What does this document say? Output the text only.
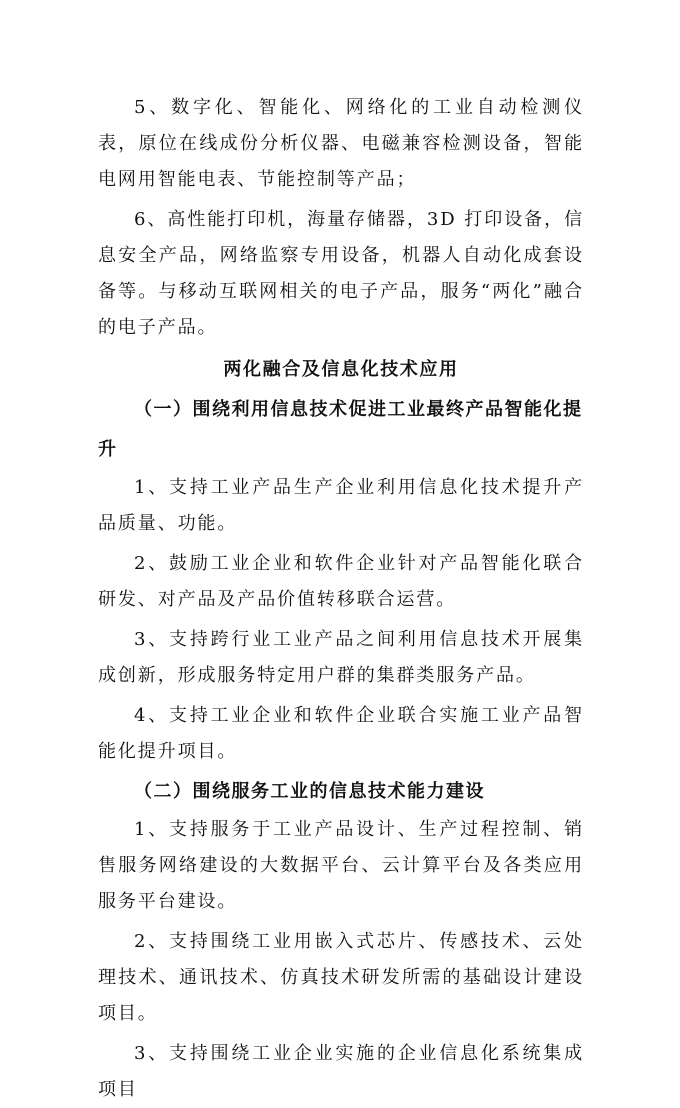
5、数字化、智能化、网络化的工业自动检测仪表，原位在线成份分析仪器、电磁兼容检测设备，智能电网用智能电表、节能控制等产品；

6、高性能打印机，海量存储器，3D 打印设备，信息安全产品，网络监察专用设备，机器人自动化成套设备等。与移动互联网相关的电子产品，服务“两化”融合的电子产品。

两化融合及信息化技术应用

（一）围绕利用信息技术促进工业最终产品智能化提升

1、支持工业产品生产企业利用信息化技术提升产品质量、功能。

2、鼓励工业企业和软件企业针对产品智能化联合研发、对产品及产品价值转移联合运营。

3、支持跨行业工业产品之间利用信息技术开展集成创新，形成服务特定用户群的集群类服务产品。

4、支持工业企业和软件企业联合实施工业产品智能化提升项目。

（二）围绕服务工业的信息技术能力建设

1、支持服务于工业产品设计、生产过程控制、销售服务网络建设的大数据平台、云计算平台及各类应用服务平台建设。

2、支持围绕工业用嵌入式芯片、传感技术、云处理技术、通讯技术、仿真技术研发所需的基础设计建设项目。

3、支持围绕工业企业实施的企业信息化系统集成项目
